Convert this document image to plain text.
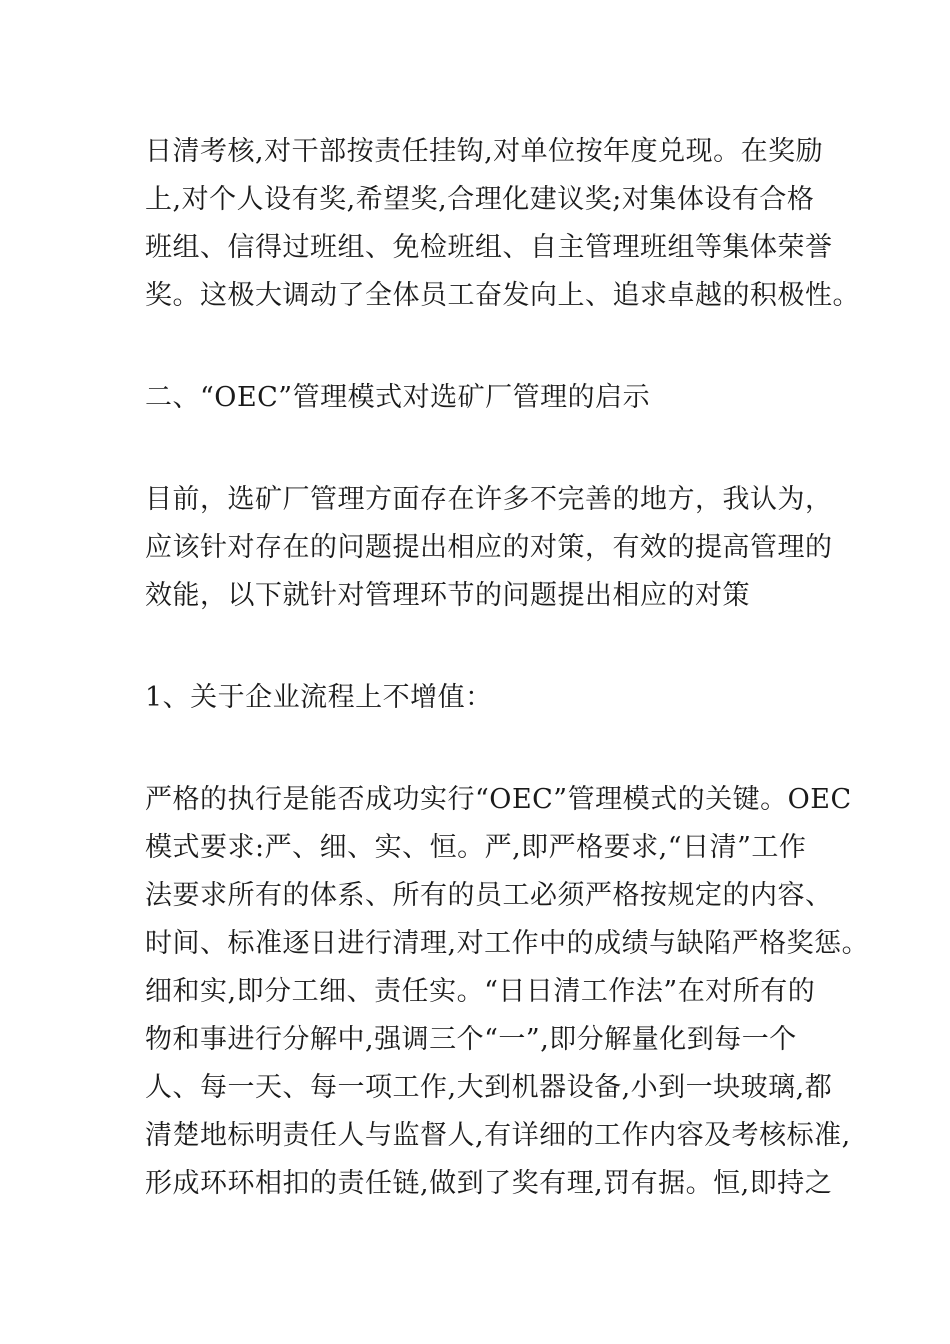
日清考核,对干部按责任挂钩,对单位按年度兑现。在奖励
上,对个人设有奖,希望奖,合理化建议奖;对集体设有合格
班组、信得过班组、免检班组、自主管理班组等集体荣誉
奖。这极大调动了全体员工奋发向上、追求卓越的积极性。
二、“OEC”管理模式对选矿厂管理的启示
目前，选矿厂管理方面存在许多不完善的地方，我认为，
应该针对存在的问题提出相应的对策，有效的提高管理的
效能，以下就针对管理环节的问题提出相应的对策
1、关于企业流程上不增值：
严格的执行是能否成功实行“OEC”管理模式的关键。OEC
模式要求:严、细、实、恒。严,即严格要求,“日清”工作
法要求所有的体系、所有的员工必须严格按规定的内容、
时间、标准逐日进行清理,对工作中的成绩与缺陷严格奖惩。
细和实,即分工细、责任实。“日日清工作法”在对所有的
物和事进行分解中,强调三个“一”,即分解量化到每一个
人、每一天、每一项工作,大到机器设备,小到一块玻璃,都
清楚地标明责任人与监督人,有详细的工作内容及考核标准,
形成环环相扣的责任链,做到了奖有理,罚有据。恒,即持之
